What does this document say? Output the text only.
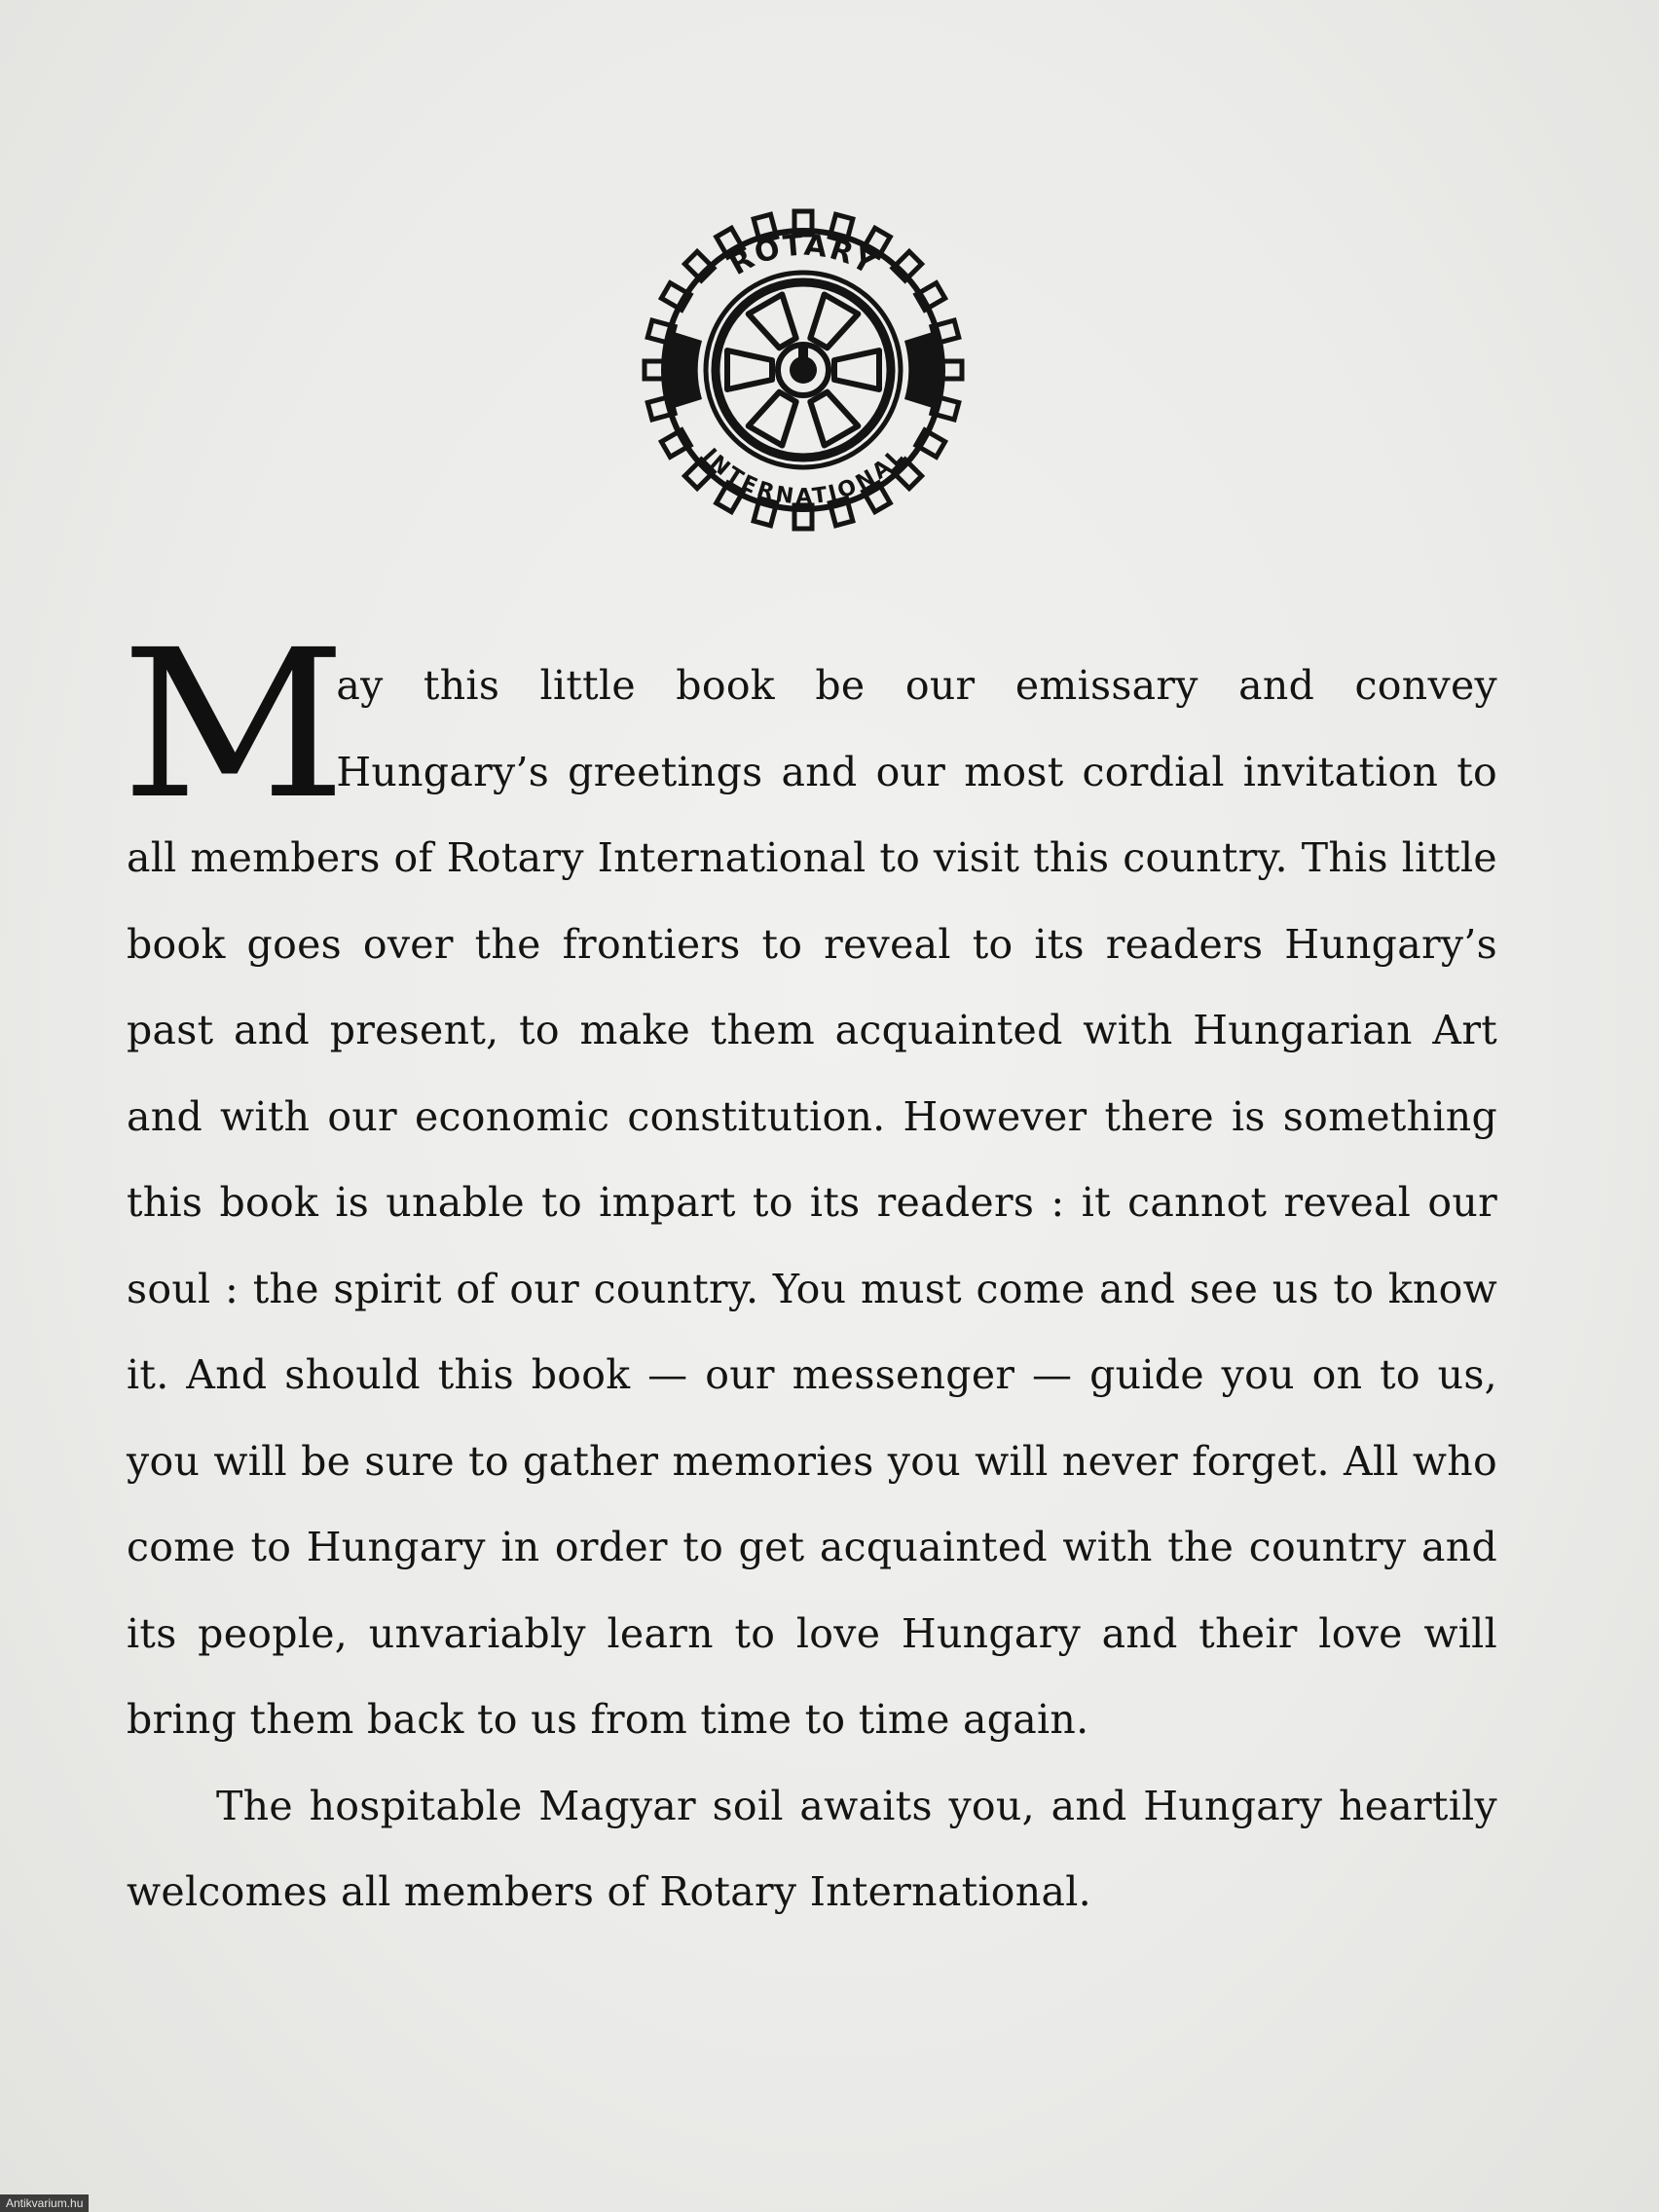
ROTARY
INTERNATIONAL

M
ay this little book be our emissary and convey Hungary’s greetings and our most cordial invitation to all members of Rotary International to visit this country. This little book goes over the frontiers to reveal to its readers Hungary’s past and present, to make them acquainted with Hungarian Art and with our economic constitution. However there is something this book is unable to impart to its readers : it cannot reveal our soul : the spirit of our country. You must come and see us to know it. And should this book — our messenger — guide you on to us, you will be sure to gather memories you will never forget. All who come to Hungary in order to get acquainted with the country and its people, unvariably learn to love Hungary and their love will bring them back to us from time to time again.

The hospitable Magyar soil awaits you, and Hungary heartily welcomes all members of Rotary International.

Antikvarium.hu
